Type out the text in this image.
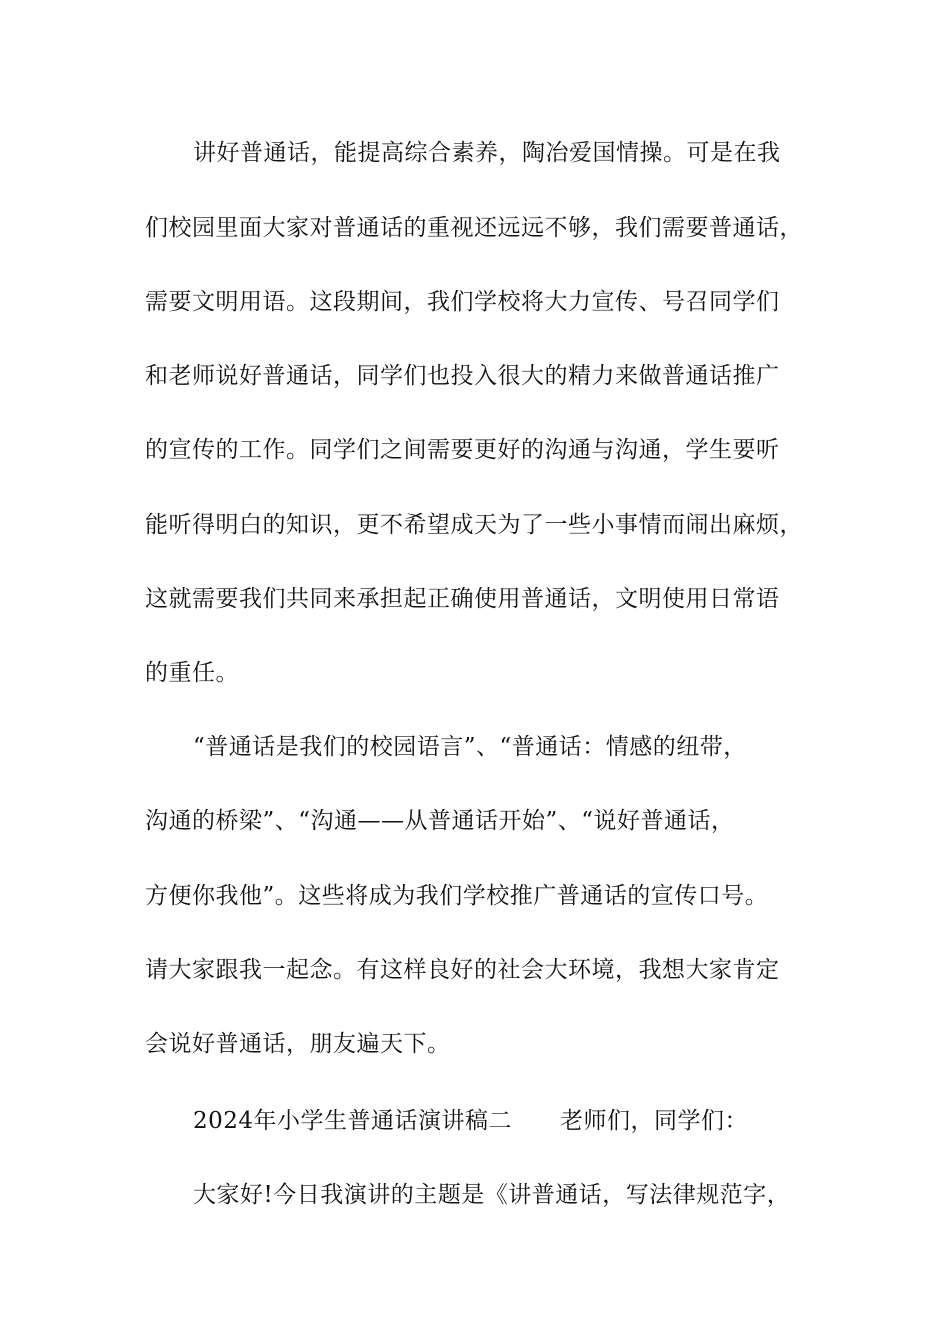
讲好普通话，能提高综合素养，陶冶爱国情操。可是在我
们校园里面大家对普通话的重视还远远不够，我们需要普通话，
需要文明用语。这段期间，我们学校将大力宣传、号召同学们
和老师说好普通话，同学们也投入很大的精力来做普通话推广
的宣传的工作。同学们之间需要更好的沟通与沟通，学生要听
能听得明白的知识，更不希望成天为了一些小事情而闹出麻烦，
这就需要我们共同来承担起正确使用普通话，文明使用日常语
的重任。
“普通话是我们的校园语言”、“普通话：情感的纽带，
沟通的桥梁”、“沟通——从普通话开始”、“说好普通话，
方便你我他”。这些将成为我们学校推广普通话的宣传口号。
请大家跟我一起念。有这样良好的社会大环境，我想大家肯定
会说好普通话，朋友遍天下。
2024年小学生普通话演讲稿二 老师们，同学们：
大家好!今日我演讲的主题是《讲普通话，写法律规范字，
